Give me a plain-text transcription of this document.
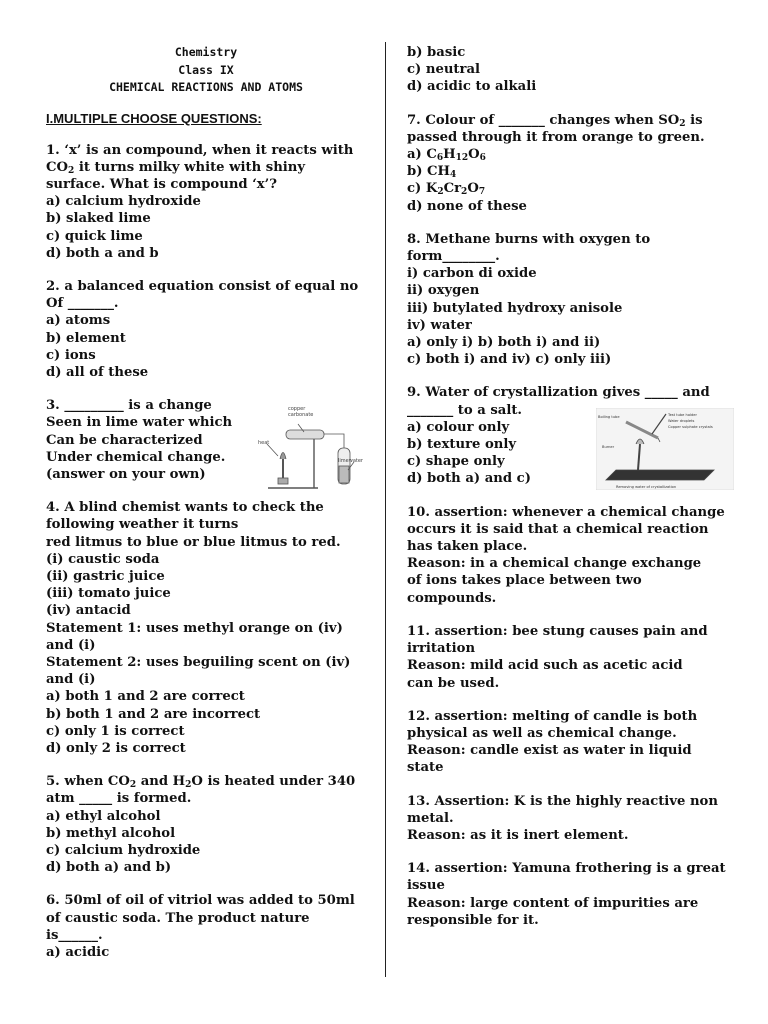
Chemistry
Class IX
CHEMICAL REACTIONS AND ATOMS
I.MULTIPLE CHOOSE QUESTIONS:
1. ‘x’ is an compound, when it reacts with
$CO_2$ it turns milky white with shiny
surface. What is compound ‘x’?
a) calcium hydroxide
b) slaked lime
c) quick lime
d) both a and b
2. a balanced equation consist of equal no
Of _______.
a) atoms
b) element
c) ions
d) all of these
3. _________ is a change
Seen in lime water which
Can be characterized
Under chemical change.
(answer on your own)
4. A blind chemist wants to check the
following weather it turns
red litmus to blue or blue litmus to red.
(i) caustic soda
(ii) gastric juice
(iii) tomato juice
(iv) antacid
Statement 1: uses methyl orange on (iv)
and (i)
Statement 2: uses beguiling scent on (iv)
and (i)
a) both 1 and 2 are correct
b) both 1 and 2 are incorrect
c) only 1 is correct
d) only 2 is correct
5. when $CO_2$ and $H_2O$ is heated under 340
atm _____ is formed.
a) ethyl alcohol
b) methyl alcohol
c) calcium hydroxide
d) both a) and b)
6. 50ml of oil of vitriol was added to 50ml
of caustic soda. The product nature
is______.
a) acidic
b) basic
c) neutral
d) acidic to alkali
7. Colour of _______ changes when $SO_2$ is
passed through it from orange to green.
a) $C_6H_{12}O_6$
b) $CH_4$
c) $K_2Cr_2O_7$
d) none of these
8. Methane burns with oxygen to
form________.
i) carbon di oxide
ii) oxygen
iii) butylated hydroxy anisole
iv) water
a) only i) b) both i) and ii)
c) both i) and iv) c) only iii)
9. Water of crystallization gives _____ and
_______ to a salt.
a) colour only
b) texture only
c) shape only
d) both a) and c)
10. assertion: whenever a chemical change
occurs it is said that a chemical reaction
has taken place.
Reason: in a chemical change exchange
of ions takes place between two
compounds.
11. assertion: bee stung causes pain and
irritation
Reason: mild acid such as acetic acid
can be used.
12. assertion: melting of candle is both
physical as well as chemical change.
Reason: candle exist as water in liquid
state
13. Assertion: K is the highly reactive non
metal.
Reason: as it is inert element.
14. assertion: Yamuna frothering is a great
issue
Reason: large content of impurities are
responsible for it.
copper
carbonate
heat
limewater
Boiling tube	Test tube holder
Water droplets
Copper sulphate crystals
Burner
Removing water of crystallization
